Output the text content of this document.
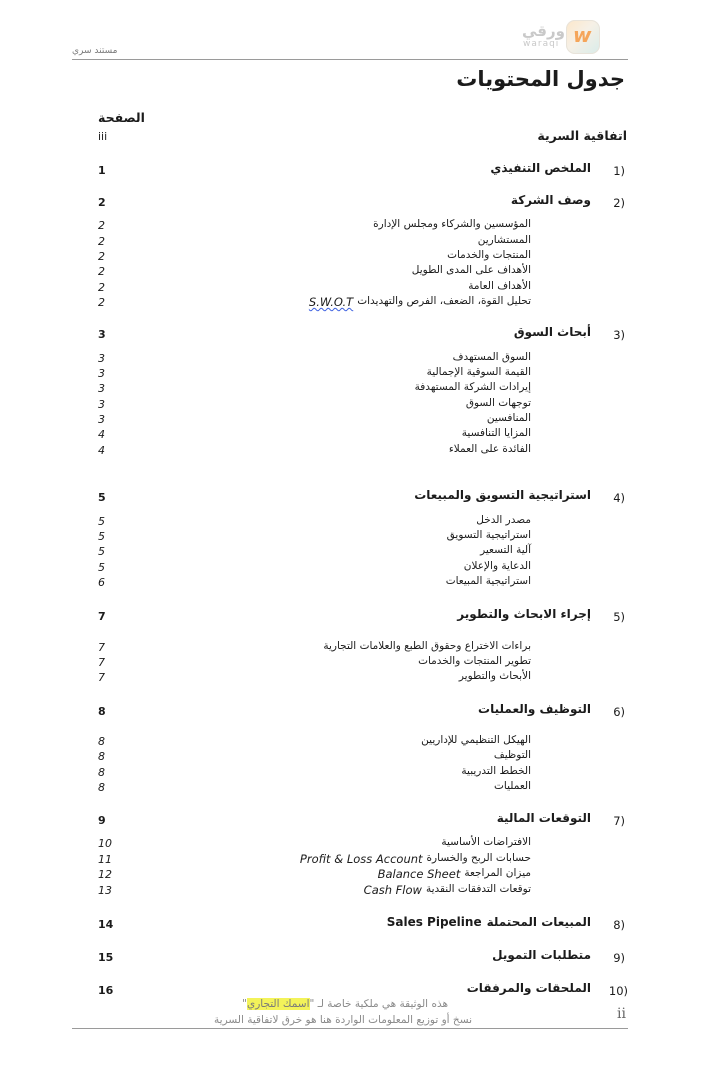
w
ورقي
waraqi
مستند سري
جدول المحتويات
الصفحة
اتفاقية السرية
iii
1)
الملخص التنفيذي
1
2)
وصف الشركة
2
المؤسسين والشركاء ومجلس الإدارة
2
المستشارين
2
المنتجات والخدمات
2
الأهداف على المدى الطويل
2
الأهداف العامة
2
تحليل القوة، الضعف، الفرص والتهديدات
S.W.O.T
2
3)
أبحاث السوق
3
السوق المستهدف
3
القيمة السوقية الإجمالية
3
إيرادات الشركة المستهدفة
3
توجهات السوق
3
المنافسين
3
المزايا التنافسية
4
الفائدة على العملاء
4
4)
استراتيجية التسويق والمبيعات
5
مصدر الدخل
5
استراتيجية التسويق
5
آلية التسعير
5
الدعاية والإعلان
5
استراتيجية المبيعات
6
5)
إجراء الابحاث والتطوير
7
براءات الاختراع وحقوق الطبع والعلامات التجارية
7
تطوير المنتجات والخدمات
7
الأبحاث والتطوير
7
6)
التوظيف والعمليات
8
الهيكل التنظيمي للإداريين
8
التوظيف
8
الخطط التدريبية
8
العمليات
8
7)
التوقعات المالية
9
الافتراضات الأساسية
10
حسابات الربح والخسارة
Profit & Loss Account
11
ميزان المراجعة
Balance Sheet
12
توقعات التدفقات النقدية
Cash Flow
13
8)
المبيعات المحتملة
Sales Pipeline
14
9)
متطلبات التمويل
15
10)
الملحقات والمرفقات
16
هذه الوثيقة هي ملكية خاصة لـ "اسمك التجاري"
نسخ أو توزيع المعلومات الواردة هنا هو خرق لاتفاقية السرية	ii
